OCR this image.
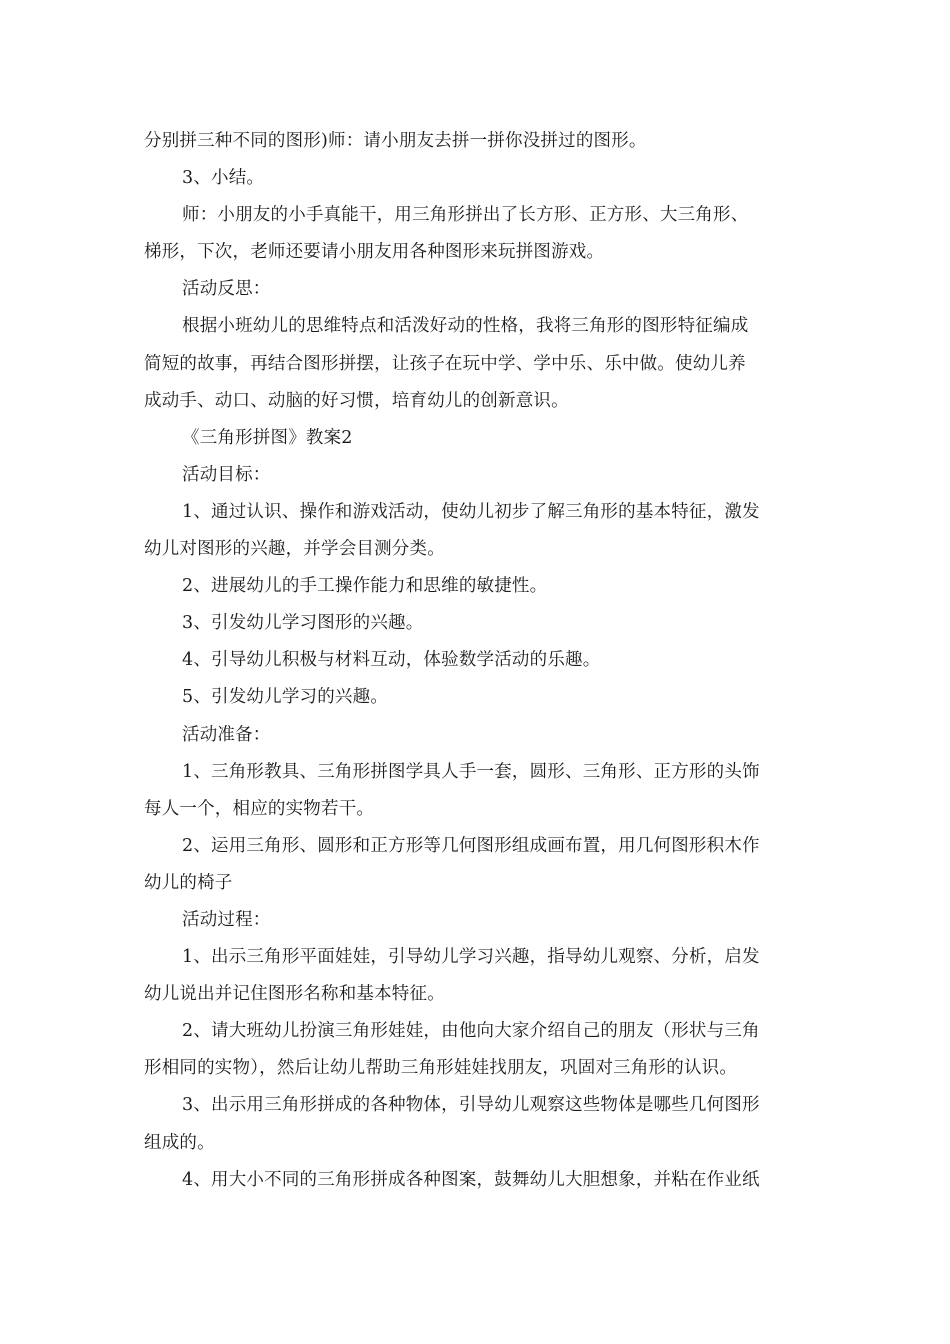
分别拼三种不同的图形)师：请小朋友去拼一拼你没拼过的图形。
3、小结。
师：小朋友的小手真能干，用三角形拼出了长方形、正方形、大三角形、
梯形，下次，老师还要请小朋友用各种图形来玩拼图游戏。
活动反思：
根据小班幼儿的思维特点和活泼好动的性格，我将三角形的图形特征编成
简短的故事，再结合图形拼摆，让孩子在玩中学、学中乐、乐中做。使幼儿养
成动手、动口、动脑的好习惯，培育幼儿的创新意识。
《三角形拼图》教案2
活动目标：
1、通过认识、操作和游戏活动，使幼儿初步了解三角形的基本特征，激发
幼儿对图形的兴趣，并学会目测分类。
2、进展幼儿的手工操作能力和思维的敏捷性。
3、引发幼儿学习图形的兴趣。
4、引导幼儿积极与材料互动，体验数学活动的乐趣。
5、引发幼儿学习的兴趣。
活动准备：
1、三角形教具、三角形拼图学具人手一套，圆形、三角形、正方形的头饰
每人一个，相应的实物若干。
2、运用三角形、圆形和正方形等几何图形组成画布置，用几何图形积木作
幼儿的椅子
活动过程：
1、出示三角形平面娃娃，引导幼儿学习兴趣，指导幼儿观察、分析，启发
幼儿说出并记住图形名称和基本特征。
2、请大班幼儿扮演三角形娃娃，由他向大家介绍自己的朋友（形状与三角
形相同的实物），然后让幼儿帮助三角形娃娃找朋友，巩固对三角形的认识。
3、出示用三角形拼成的各种物体，引导幼儿观察这些物体是哪些几何图形
组成的。
4、用大小不同的三角形拼成各种图案，鼓舞幼儿大胆想象，并粘在作业纸
